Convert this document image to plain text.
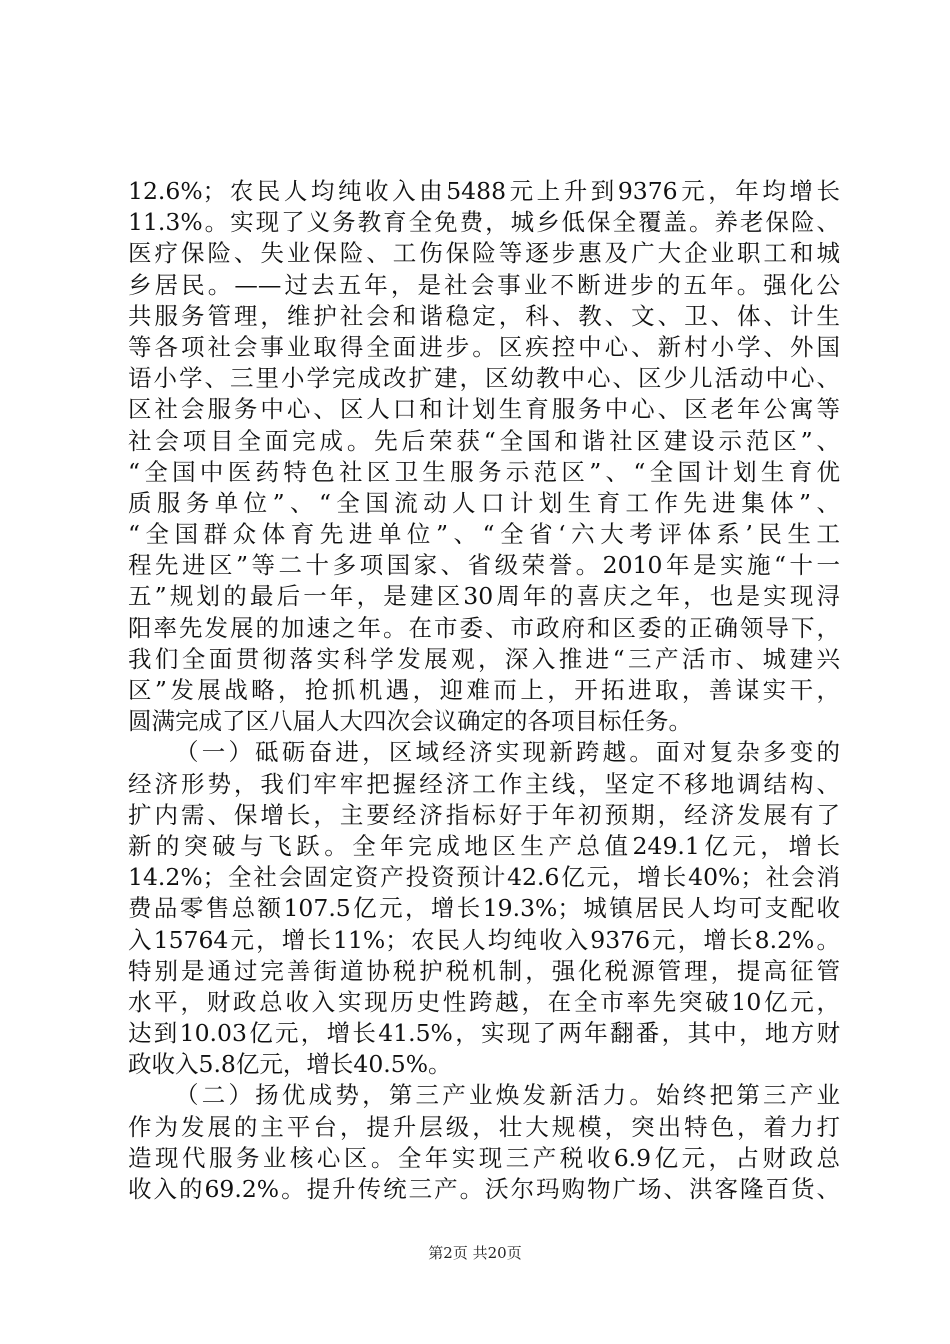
12.6%；农民人均纯收入由5488元上升到9376元，年均增长
11.3%。实现了义务教育全免费，城乡低保全覆盖。养老保险、
医疗保险、失业保险、工伤保险等逐步惠及广大企业职工和城
乡居民。——过去五年，是社会事业不断进步的五年。强化公
共服务管理，维护社会和谐稳定，科、教、文、卫、体、计生
等各项社会事业取得全面进步。区疾控中心、新村小学、外国
语小学、三里小学完成改扩建，区幼教中心、区少儿活动中心、
区社会服务中心、区人口和计划生育服务中心、区老年公寓等
社会项目全面完成。先后荣获“全国和谐社区建设示范区”、
“全国中医药特色社区卫生服务示范区”、“全国计划生育优
质服务单位”、“全国流动人口计划生育工作先进集体”、
“全国群众体育先进单位”、“全省‘六大考评体系’民生工
程先进区”等二十多项国家、省级荣誉。2010年是实施“十一
五”规划的最后一年，是建区30周年的喜庆之年，也是实现浔
阳率先发展的加速之年。在市委、市政府和区委的正确领导下，
我们全面贯彻落实科学发展观，深入推进“三产活市、城建兴
区”发展战略，抢抓机遇，迎难而上，开拓进取，善谋实干，
圆满完成了区八届人大四次会议确定的各项目标任务。
（一）砥砺奋进，区域经济实现新跨越。面对复杂多变的
经济形势，我们牢牢把握经济工作主线，坚定不移地调结构、
扩内需、保增长，主要经济指标好于年初预期，经济发展有了
新的突破与飞跃。全年完成地区生产总值249.1亿元，增长
14.2%；全社会固定资产投资预计42.6亿元，增长40%；社会消
费品零售总额107.5亿元，增长19.3%；城镇居民人均可支配收
入15764元，增长11%；农民人均纯收入9376元，增长8.2%。
特别是通过完善街道协税护税机制，强化税源管理，提高征管
水平，财政总收入实现历史性跨越，在全市率先突破10亿元，
达到10.03亿元，增长41.5%，实现了两年翻番，其中，地方财
政收入5.8亿元，增长40.5%。
（二）扬优成势，第三产业焕发新活力。始终把第三产业
作为发展的主平台，提升层级，壮大规模，突出特色，着力打
造现代服务业核心区。全年实现三产税收6.9亿元，占财政总
收入的69.2%。提升传统三产。沃尔玛购物广场、洪客隆百货、
第2页 共20页
